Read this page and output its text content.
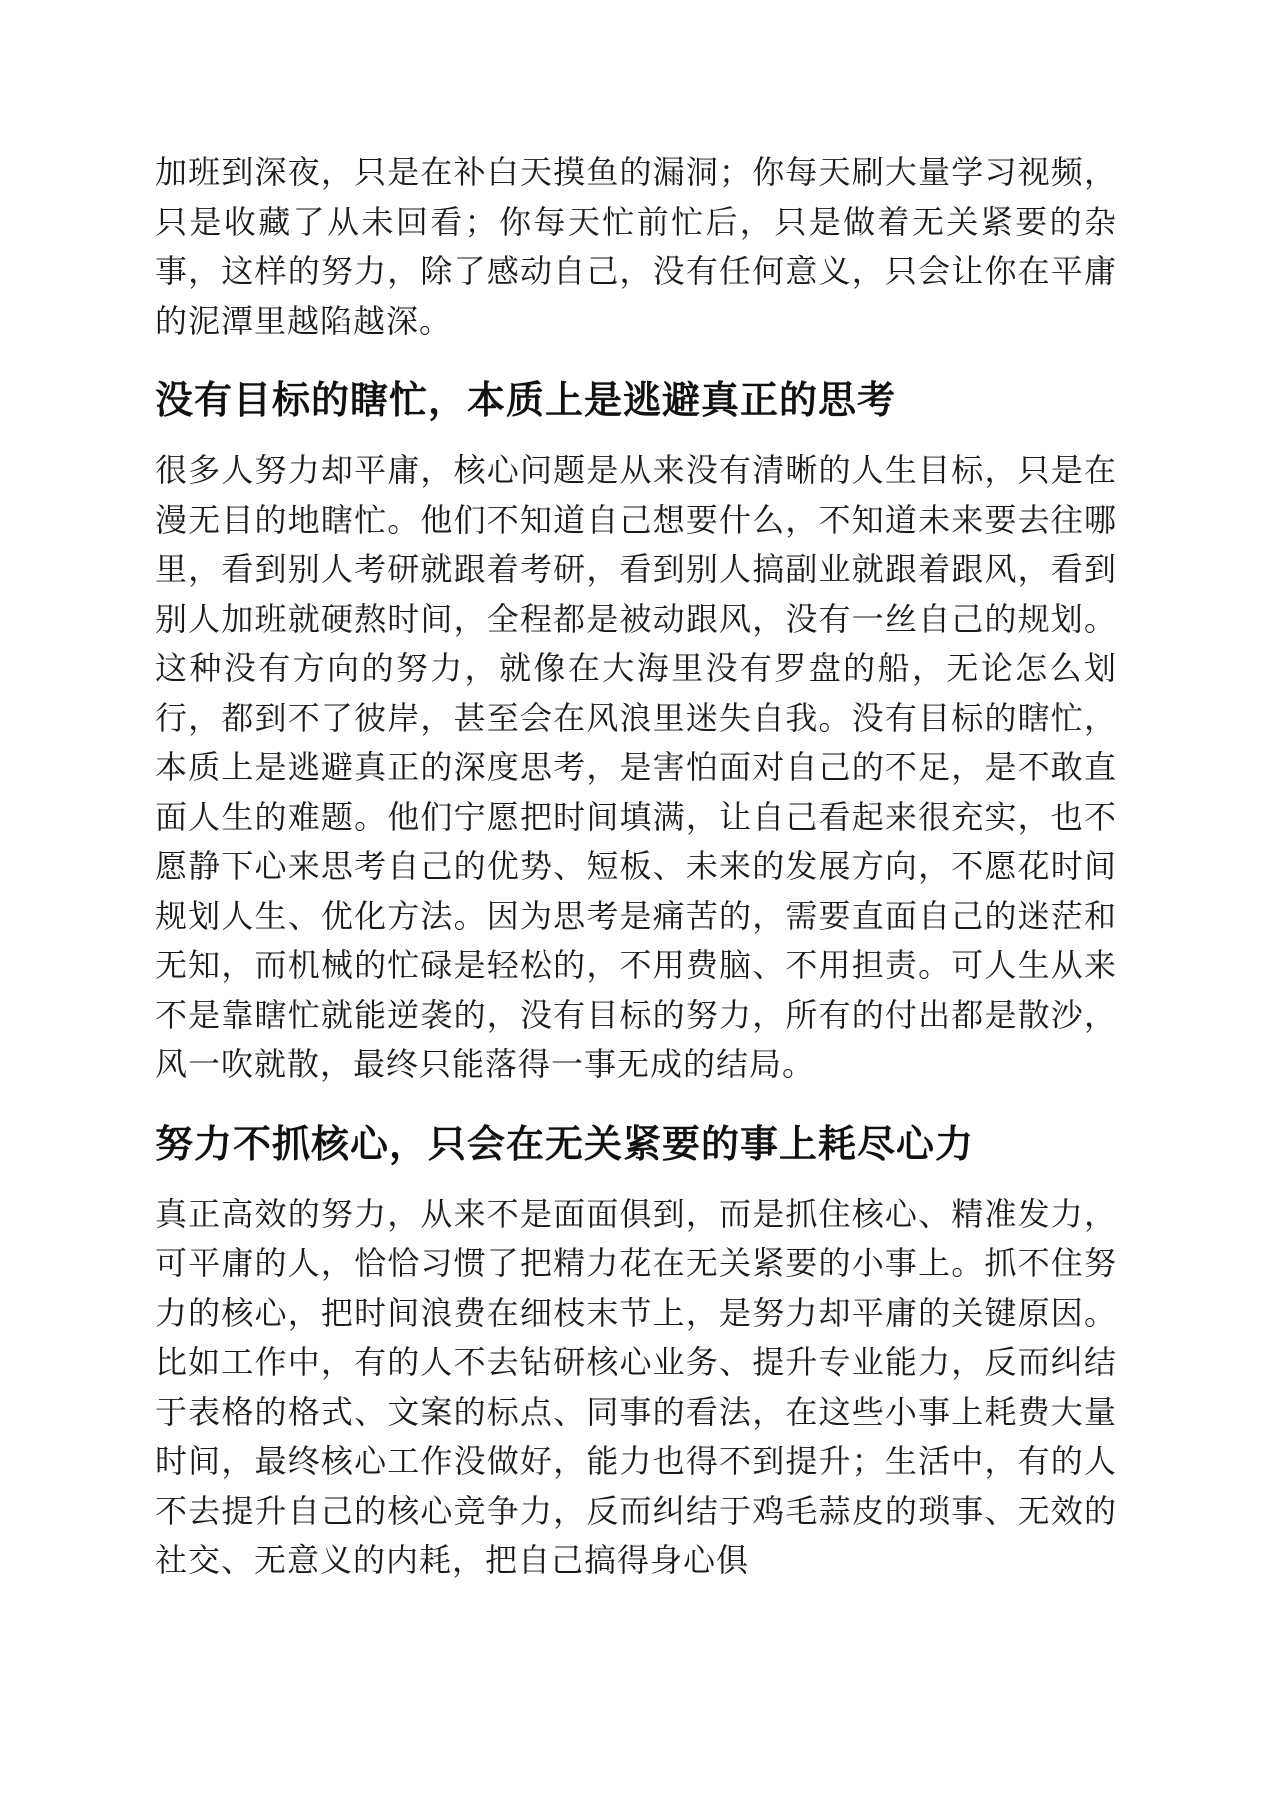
加班到深夜，只是在补白天摸鱼的漏洞；你每天刷大量学习视频，只是收藏了从未回看；你每天忙前忙后，只是做着无关紧要的杂事，这样的努力，除了感动自己，没有任何意义，只会让你在平庸的泥潭里越陷越深。

没有目标的瞎忙，本质上是逃避真正的思考

很多人努力却平庸，核心问题是从来没有清晰的人生目标，只是在漫无目的地瞎忙。他们不知道自己想要什么，不知道未来要去往哪里，看到别人考研就跟着考研，看到别人搞副业就跟着跟风，看到别人加班就硬熬时间，全程都是被动跟风，没有一丝自己的规划。这种没有方向的努力，就像在大海里没有罗盘的船，无论怎么划行，都到不了彼岸，甚至会在风浪里迷失自我。没有目标的瞎忙，本质上是逃避真正的深度思考，是害怕面对自己的不足，是不敢直面人生的难题。他们宁愿把时间填满，让自己看起来很充实，也不愿静下心来思考自己的优势、短板、未来的发展方向，不愿花时间规划人生、优化方法。因为思考是痛苦的，需要直面自己的迷茫和无知，而机械的忙碌是轻松的，不用费脑、不用担责。可人生从来不是靠瞎忙就能逆袭的，没有目标的努力，所有的付出都是散沙，风一吹就散，最终只能落得一事无成的结局。

努力不抓核心，只会在无关紧要的事上耗尽心力

真正高效的努力，从来不是面面俱到，而是抓住核心、精准发力，可平庸的人，恰恰习惯了把精力花在无关紧要的小事上。抓不住努力的核心，把时间浪费在细枝末节上，是努力却平庸的关键原因。比如工作中，有的人不去钻研核心业务、提升专业能力，反而纠结于表格的格式、文案的标点、同事的看法，在这些小事上耗费大量时间，最终核心工作没做好，能力也得不到提升；生活中，有的人不去提升自己的核心竞争力，反而纠结于鸡毛蒜皮的琐事、无效的社交、无意义的内耗，把自己搞得身心俱
